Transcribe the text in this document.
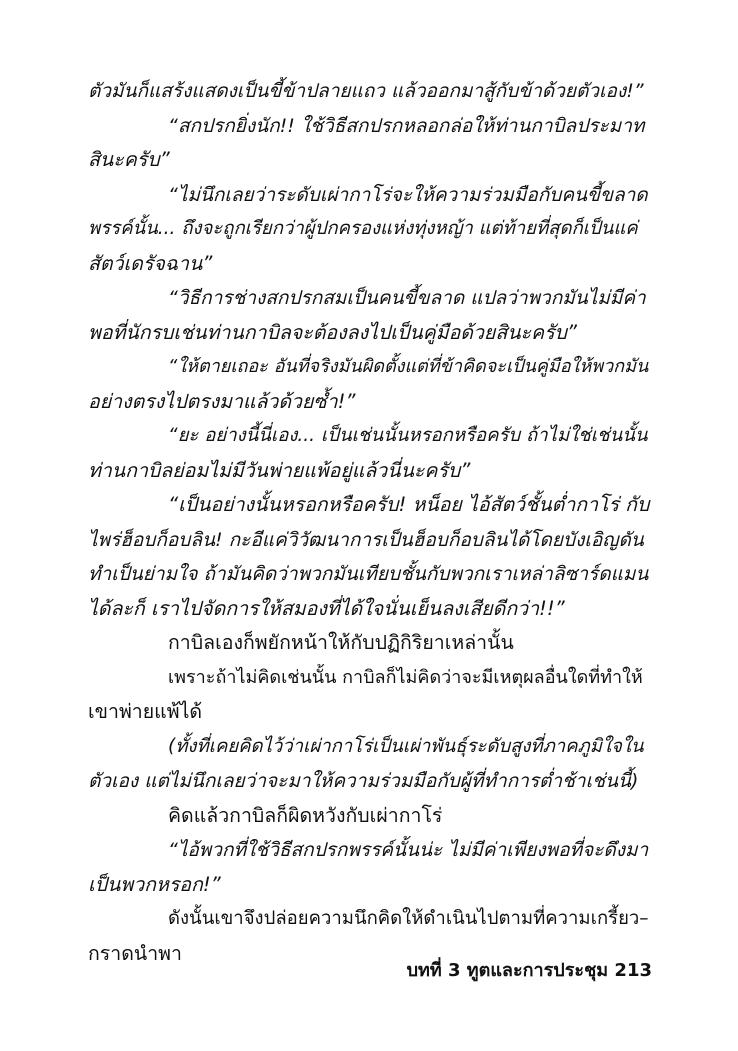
ตัวมันก็แสร้งแสดงเป็นขี้ข้าปลายแถว แล้วออกมาสู้กับข้าด้วยตัวเอง!”
“สกปรกยิ่งนัก!! ใช้วิธีสกปรกหลอกล่อให้ท่านกาบิลประมาท
สินะครับ”
“ไม่นึกเลยว่าระดับเผ่ากาโร่จะให้ความร่วมมือกับคนขี้ขลาด
พรรค์นั้น... ถึงจะถูกเรียกว่าผู้ปกครองแห่งทุ่งหญ้า แต่ท้ายที่สุดก็เป็นแค่
สัตว์เดรัจฉาน”
“วิธีการช่างสกปรกสมเป็นคนขี้ขลาด แปลว่าพวกมันไม่มีค่า
พอที่นักรบเช่นท่านกาบิลจะต้องลงไปเป็นคู่มือด้วยสินะครับ”
“ให้ตายเถอะ อันที่จริงมันผิดตั้งแต่ที่ข้าคิดจะเป็นคู่มือให้พวกมัน
อย่างตรงไปตรงมาแล้วด้วยซ้ำ!”
“ยะ อย่างนี้นี่เอง... เป็นเช่นนั้นหรอกหรือครับ ถ้าไม่ใช่เช่นนั้น
ท่านกาบิลย่อมไม่มีวันพ่ายแพ้อยู่แล้วนี่นะครับ”
“เป็นอย่างนั้นหรอกหรือครับ! หน็อย ไอ้สัตว์ชั้นต่ำกาโร่ กับ
ไพร่ฮ็อบก็อบลิน! กะอีแค่วิวัฒนาการเป็นฮ็อบก็อบลินได้โดยบังเอิญดัน
ทำเป็นย่ามใจ ถ้ามันคิดว่าพวกมันเทียบชั้นกับพวกเราเหล่าลิซาร์ดแมน
ได้ละก็ เราไปจัดการให้สมองที่ได้ใจนั่นเย็นลงเสียดีกว่า!!”
กาบิลเองก็พยักหน้าให้กับปฏิกิริยาเหล่านั้น
เพราะถ้าไม่คิดเช่นนั้น กาบิลก็ไม่คิดว่าจะมีเหตุผลอื่นใดที่ทำให้
เขาพ่ายแพ้ได้
(ทั้งที่เคยคิดไว้ว่าเผ่ากาโร่เป็นเผ่าพันธุ์ระดับสูงที่ภาคภูมิใจใน
ตัวเอง แต่ไม่นึกเลยว่าจะมาให้ความร่วมมือกับผู้ที่ทำการต่ำช้าเช่นนี้)
คิดแล้วกาบิลก็ผิดหวังกับเผ่ากาโร่
“ไอ้พวกที่ใช้วิธีสกปรกพรรค์นั้นน่ะ ไม่มีค่าเพียงพอที่จะดึงมา
เป็นพวกหรอก!”
ดังนั้นเขาจึงปล่อยความนึกคิดให้ดำเนินไปตามที่ความเกรี้ยว–
กราดนำพา
บทที่ 3 ทูตและการประชุม 213
